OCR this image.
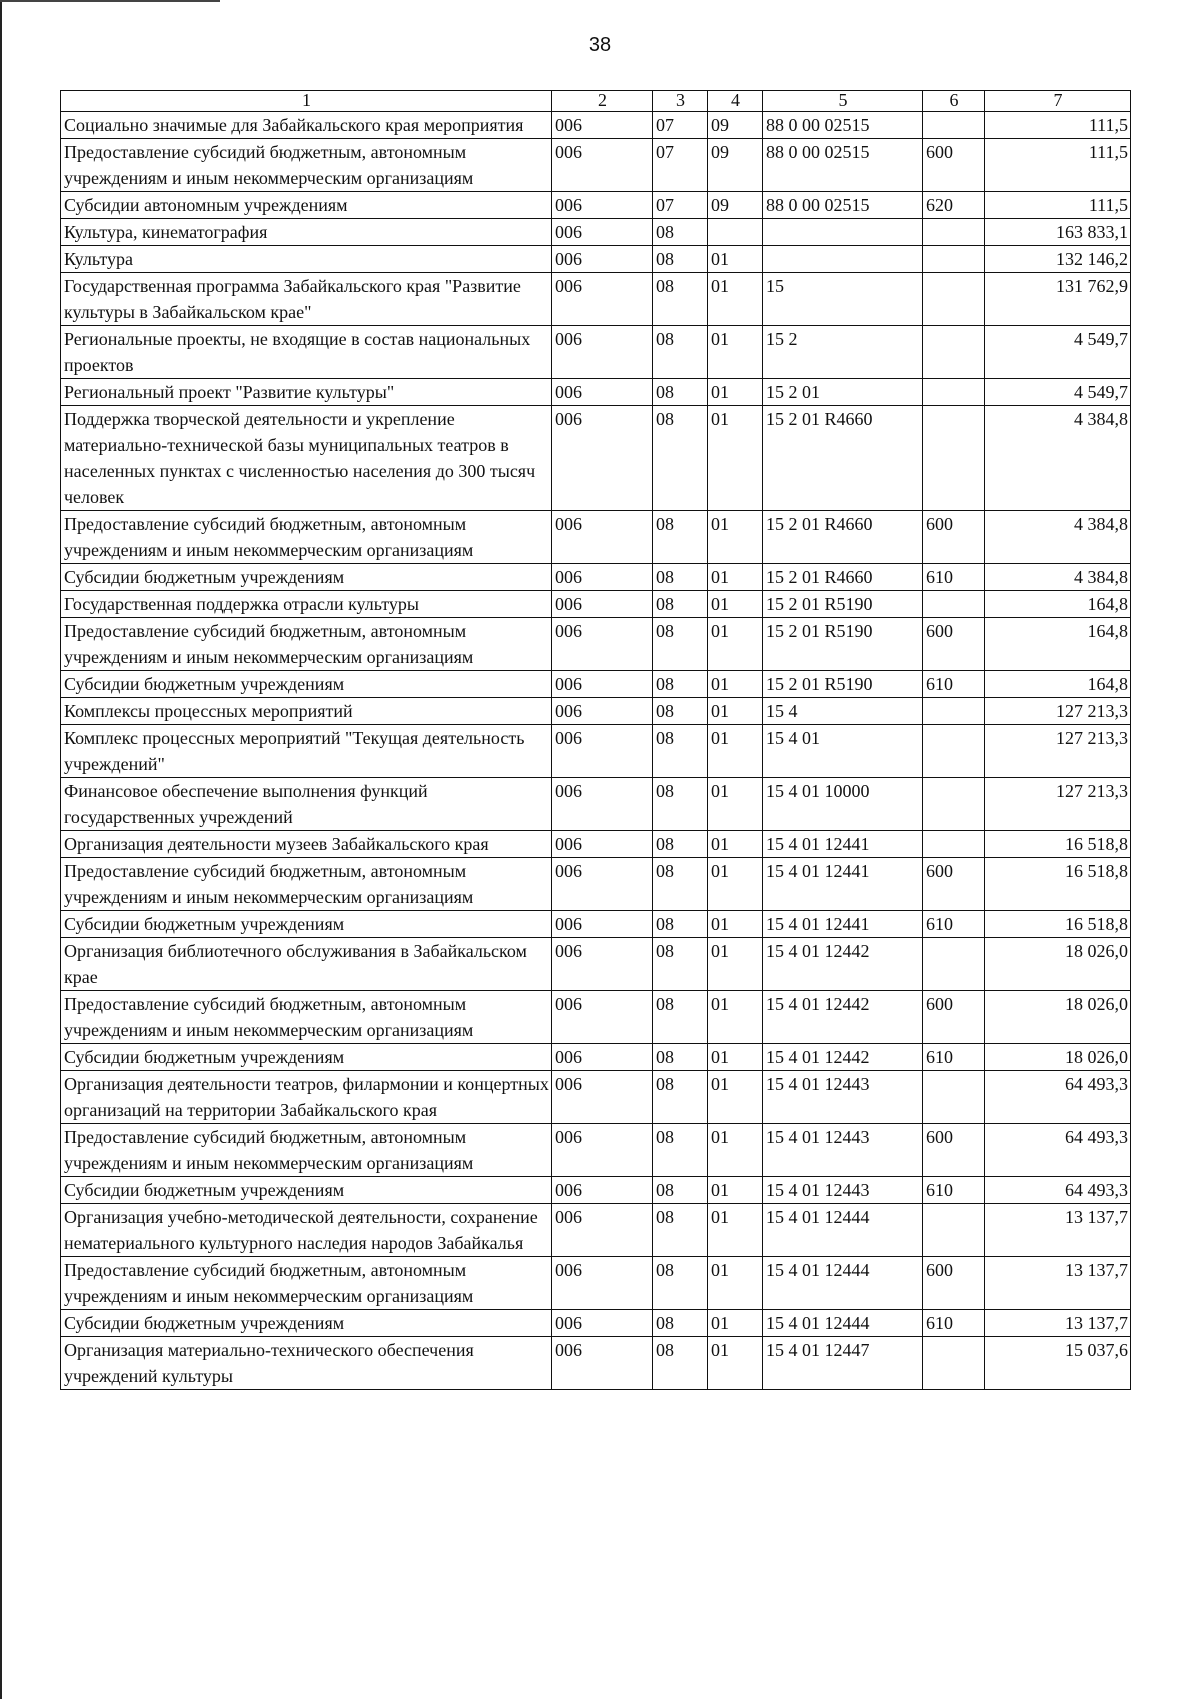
38
1	2	3	4	5	6	7
Социально значимые для Забайкальского края мероприятия	006	07	09	88 0 00 02515		111,5
Предоставление субсидий бюджетным, автономным учреждениям и иным некоммерческим организациям	006	07	09	88 0 00 02515	600	111,5
Субсидии автономным учреждениям	006	07	09	88 0 00 02515	620	111,5
Культура, кинематография	006	08				163 833,1
Культура	006	08	01			132 146,2
Государственная программа Забайкальского края "Развитие культуры в Забайкальском крае"	006	08	01	15		131 762,9
Региональные проекты, не входящие в состав национальных проектов	006	08	01	15 2		4 549,7
Региональный проект "Развитие культуры"	006	08	01	15 2 01		4 549,7
Поддержка творческой деятельности и укрепление материально-технической базы муниципальных театров в населенных пунктах с численностью населения до 300 тысяч человек	006	08	01	15 2 01 R4660		4 384,8
Предоставление субсидий бюджетным, автономным учреждениям и иным некоммерческим организациям	006	08	01	15 2 01 R4660	600	4 384,8
Субсидии бюджетным учреждениям	006	08	01	15 2 01 R4660	610	4 384,8
Государственная поддержка отрасли культуры	006	08	01	15 2 01 R5190		164,8
Предоставление субсидий бюджетным, автономным учреждениям и иным некоммерческим организациям	006	08	01	15 2 01 R5190	600	164,8
Субсидии бюджетным учреждениям	006	08	01	15 2 01 R5190	610	164,8
Комплексы процессных мероприятий	006	08	01	15 4		127 213,3
Комплекс процессных мероприятий "Текущая деятельность учреждений"	006	08	01	15 4 01		127 213,3
Финансовое обеспечение выполнения функций государственных учреждений	006	08	01	15 4 01 10000		127 213,3
Организация деятельности музеев Забайкальского края	006	08	01	15 4 01 12441		16 518,8
Предоставление субсидий бюджетным, автономным учреждениям и иным некоммерческим организациям	006	08	01	15 4 01 12441	600	16 518,8
Субсидии бюджетным учреждениям	006	08	01	15 4 01 12441	610	16 518,8
Организация библиотечного обслуживания в Забайкальском крае	006	08	01	15 4 01 12442		18 026,0
Предоставление субсидий бюджетным, автономным учреждениям и иным некоммерческим организациям	006	08	01	15 4 01 12442	600	18 026,0
Субсидии бюджетным учреждениям	006	08	01	15 4 01 12442	610	18 026,0
Организация деятельности театров, филармонии и концертных организаций на территории Забайкальского края	006	08	01	15 4 01 12443		64 493,3
Предоставление субсидий бюджетным, автономным учреждениям и иным некоммерческим организациям	006	08	01	15 4 01 12443	600	64 493,3
Субсидии бюджетным учреждениям	006	08	01	15 4 01 12443	610	64 493,3
Организация учебно-методической деятельности, сохранение нематериального культурного наследия народов Забайкалья	006	08	01	15 4 01 12444		13 137,7
Предоставление субсидий бюджетным, автономным учреждениям и иным некоммерческим организациям	006	08	01	15 4 01 12444	600	13 137,7
Субсидии бюджетным учреждениям	006	08	01	15 4 01 12444	610	13 137,7
Организация материально-технического обеспечения учреждений культуры	006	08	01	15 4 01 12447		15 037,6
